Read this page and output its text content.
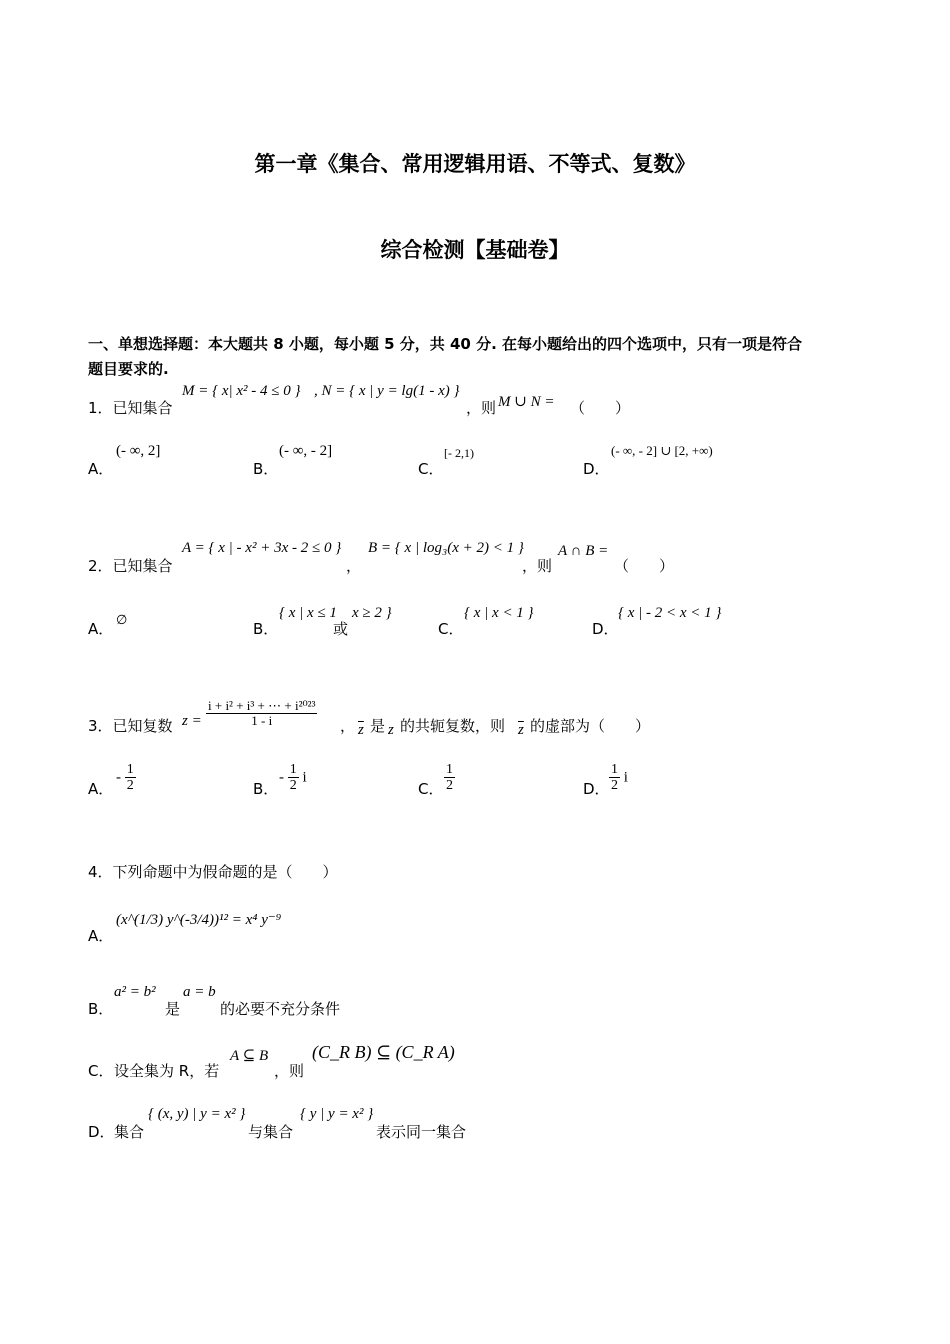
第一章《集合、常用逻辑用语、不等式、复数》
综合检测【基础卷】
一、单想选择题：本大题共 8 小题，每小题 5 分，共 40 分. 在每小题给出的四个选项中，只有一项是符合
题目要求的.
1．已知集合
M = { x| x² - 4 ≤ 0 } , N = { x | y = lg(1 - x) }
，则 M ∪ N = （　　）
A．
(- ∞, 2]
B．
(- ∞, - 2]
C．
[- 2,1)
D．
(- ∞, - 2] ∪ [2, +∞)
2．已知集合
A = { x | - x² + 3x - 2 ≤ 0 }
，
B = { x | log₃(x + 2) < 1 }
，则
A ∩ B =
（　　）
A．
∅
B．
{ x | x ≤ 1
或
x ≥ 2 }
C．
{ x | x < 1 }
D．
{ x | - 2 < x < 1 }
3．已知复数 $z = \frac{\text{i + i² + i³ + ⋯ + i²⁰²³}}{1 - i}$ ， $\overline{z}$ 是 z 的共轭复数，则 $\overline{z}$ 的虚部为（　　）
A．
- $\frac{1}{2}$	B．
- $\frac{1}{2}$ i
C． $\frac{1}{2}$	D． $\frac{1}{2}$ i
4．下列命题中为假命题的是（　　）
A．
(x^(1/3) y^(-3/4))¹² = x⁴ y⁻⁹
B．
a² = b²
是
a = b
的必要不充分条件
C． 设全集为 R，若
A ⊆ B
，则
(C_R B) ⊆ (C_R A)
D． 集合
{ (x, y) | y = x² }
与集合
{ y | y = x² }
表示同一集合
